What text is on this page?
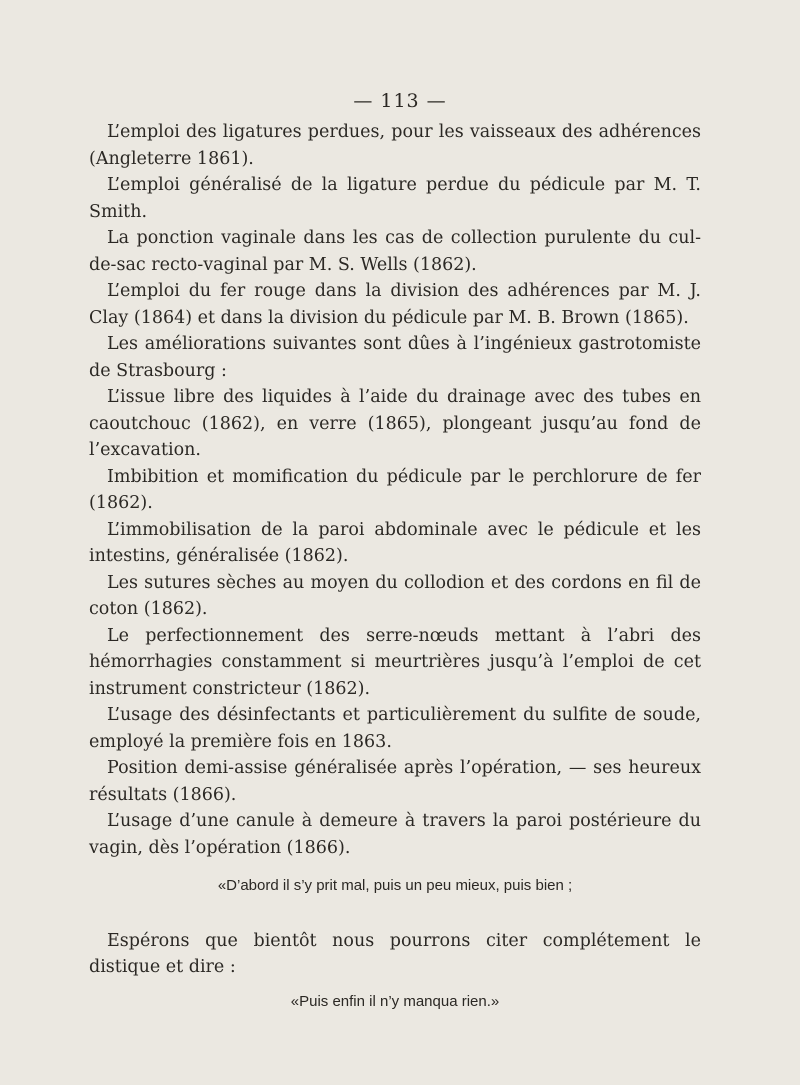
— 113 —

L’emploi des ligatures perdues, pour les vaisseaux des adhérences (Angleterre 1861).

L’emploi généralisé de la ligature perdue du pédicule par M. T. Smith.

La ponction vaginale dans les cas de collection purulente du cul-de-sac recto-vaginal par M. S. Wells (1862).

L’emploi du fer rouge dans la division des adhérences par M. J. Clay (1864) et dans la division du pédicule par M. B. Brown (1865).

Les améliorations suivantes sont dûes à l’ingénieux gastrotomiste de Strasbourg :

L’issue libre des liquides à l’aide du drainage avec des tubes en caoutchouc (1862), en verre (1865), plongeant jusqu’au fond de l’excavation.

Imbibition et momification du pédicule par le perchlorure de fer (1862).

L’immobilisation de la paroi abdominale avec le pédicule et les intestins, généralisée (1862).

Les sutures sèches au moyen du collodion et des cordons en fil de coton (1862).

Le perfectionnement des serre-nœuds mettant à l’abri des hémorrhagies constamment si meurtrières jusqu’à l’emploi de cet instrument constricteur (1862).

L’usage des désinfectants et particulièrement du sulfite de soude, employé la première fois en 1863.

Position demi-assise généralisée après l’opération, — ses heureux résultats (1866).

L’usage d’une canule à demeure à travers la paroi postérieure du vagin, dès l’opération (1866).

«D’abord il s’y prit mal, puis un peu mieux, puis bien ;

Espérons que bientôt nous pourrons citer complétement le distique et dire :

«Puis enfin il n’y manqua rien.»
